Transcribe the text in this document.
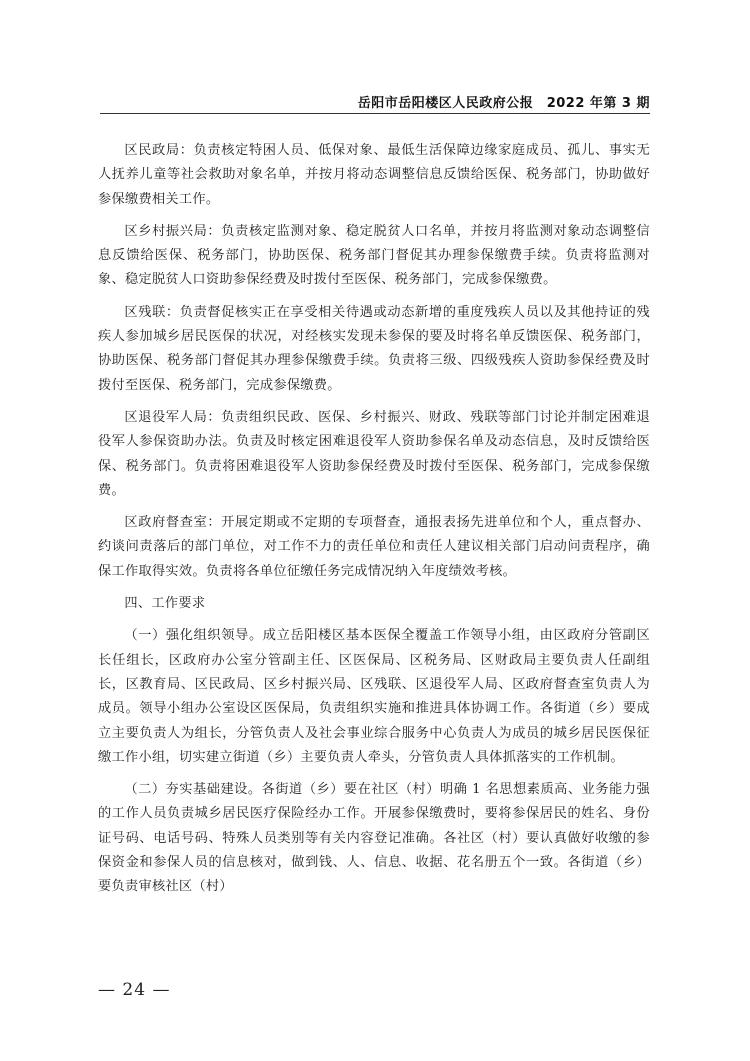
岳阳市岳阳楼区人民政府公报　2022 年第 3 期

区民政局：负责核定特困人员、低保对象、最低生活保障边缘家庭成员、孤儿、事实无人抚养儿童等社会救助对象名单，并按月将动态调整信息反馈给医保、税务部门，协助做好参保缴费相关工作。

区乡村振兴局：负责核定监测对象、稳定脱贫人口名单，并按月将监测对象动态调整信息反馈给医保、税务部门，协助医保、税务部门督促其办理参保缴费手续。负责将监测对象、稳定脱贫人口资助参保经费及时拨付至医保、税务部门，完成参保缴费。

区残联：负责督促核实正在享受相关待遇或动态新增的重度残疾人员以及其他持证的残疾人参加城乡居民医保的状况，对经核实发现未参保的要及时将名单反馈医保、税务部门，协助医保、税务部门督促其办理参保缴费手续。负责将三级、四级残疾人资助参保经费及时拨付至医保、税务部门，完成参保缴费。

区退役军人局：负责组织民政、医保、乡村振兴、财政、残联等部门讨论并制定困难退役军人参保资助办法。负责及时核定困难退役军人资助参保名单及动态信息，及时反馈给医保、税务部门。负责将困难退役军人资助参保经费及时拨付至医保、税务部门，完成参保缴费。

区政府督查室：开展定期或不定期的专项督查，通报表扬先进单位和个人，重点督办、约谈问责落后的部门单位，对工作不力的责任单位和责任人建议相关部门启动问责程序，确保工作取得实效。负责将各单位征缴任务完成情况纳入年度绩效考核。

四、工作要求

（一）强化组织领导。成立岳阳楼区基本医保全覆盖工作领导小组，由区政府分管副区长任组长，区政府办公室分管副主任、区医保局、区税务局、区财政局主要负责人任副组长，区教育局、区民政局、区乡村振兴局、区残联、区退役军人局、区政府督查室负责人为成员。领导小组办公室设区医保局，负责组织实施和推进具体协调工作。各街道（乡）要成立主要负责人为组长，分管负责人及社会事业综合服务中心负责人为成员的城乡居民医保征缴工作小组，切实建立街道（乡）主要负责人牵头，分管负责人具体抓落实的工作机制。

（二）夯实基础建设。各街道（乡）要在社区（村）明确 1 名思想素质高、业务能力强的工作人员负责城乡居民医疗保险经办工作。开展参保缴费时，要将参保居民的姓名、身份证号码、电话号码、特殊人员类别等有关内容登记准确。各社区（村）要认真做好收缴的参保资金和参保人员的信息核对，做到钱、人、信息、收据、花名册五个一致。各街道（乡）要负责审核社区（村）

— 24 —
